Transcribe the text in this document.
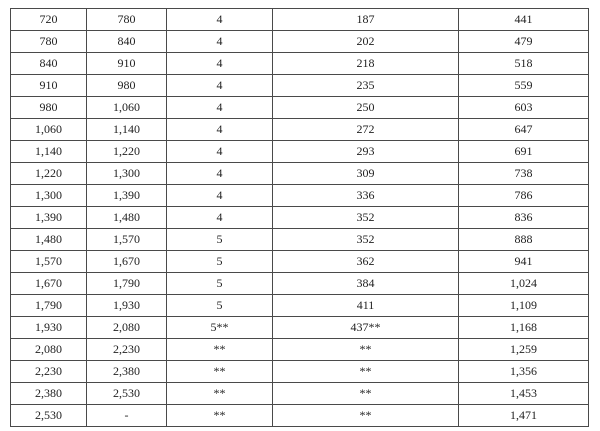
720	780	4	187	441
780	840	4	202	479
840	910	4	218	518
910	980	4	235	559
980	1,060	4	250	603
1,060	1,140	4	272	647
1,140	1,220	4	293	691
1,220	1,300	4	309	738
1,300	1,390	4	336	786
1,390	1,480	4	352	836
1,480	1,570	5	352	888
1,570	1,670	5	362	941
1,670	1,790	5	384	1,024
1,790	1,930	5	411	1,109
1,930	2,080	5**	437**	1,168
2,080	2,230	**	**	1,259
2,230	2,380	**	**	1,356
2,380	2,530	**	**	1,453
2,530	-	**	**	1,471
